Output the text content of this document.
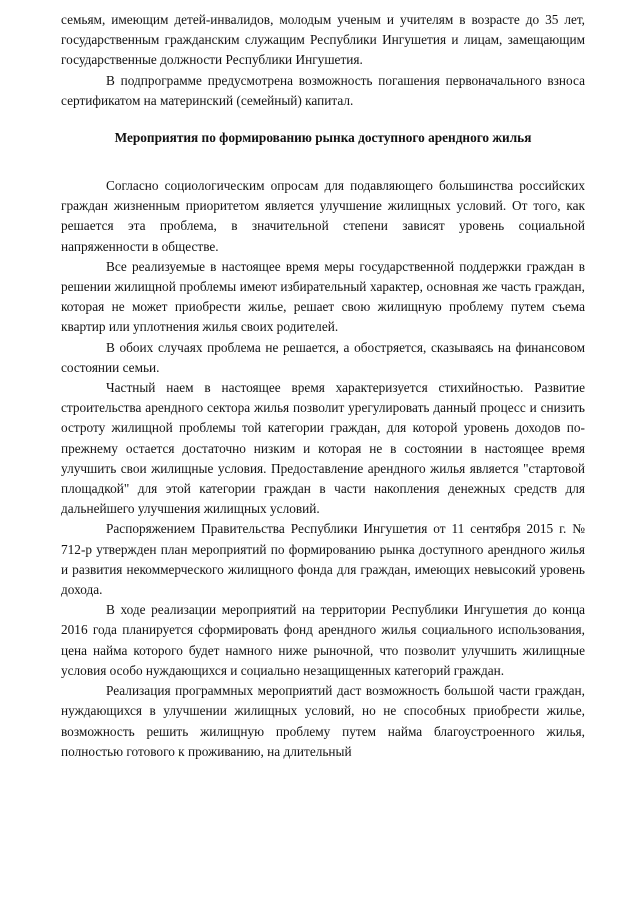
семьям, имеющим детей-инвалидов, молодым ученым и учителям в возрасте до 35 лет, государственным гражданским служащим Республики Ингушетия и лицам, замещающим государственные должности Республики Ингушетия.

В подпрограмме предусмотрена возможность погашения первоначального взноса сертификатом на материнский (семейный) капитал.

Мероприятия по формированию рынка доступного арендного жилья

Согласно социологическим опросам для подавляющего большинства российских граждан жизненным приоритетом является улучшение жилищных условий. От того, как решается эта проблема, в значительной степени зависят уровень социальной напряженности в обществе.

Все реализуемые в настоящее время меры государственной поддержки граждан в решении жилищной проблемы имеют избирательный характер, основная же часть граждан, которая не может приобрести жилье, решает свою жилищную проблему путем съема квартир или уплотнения жилья своих родителей.

В обоих случаях проблема не решается, а обостряется, сказываясь на финансовом состоянии семьи.

Частный наем в настоящее время характеризуется стихийностью. Развитие строительства арендного сектора жилья позволит урегулировать данный процесс и снизить остроту жилищной проблемы той категории граждан, для которой уровень доходов по-прежнему остается достаточно низким и которая не в состоянии в настоящее время улучшить свои жилищные условия. Предоставление арендного жилья является "стартовой площадкой" для этой категории граждан в части накопления денежных средств для дальнейшего улучшения жилищных условий.

Распоряжением Правительства Республики Ингушетия от 11 сентября 2015 г. № 712-р утвержден план мероприятий по формированию рынка доступного арендного жилья и развития некоммерческого жилищного фонда для граждан, имеющих невысокий уровень дохода.

В ходе реализации мероприятий на территории Республики Ингушетия до конца 2016 года планируется сформировать фонд арендного жилья социального использования, цена найма которого будет намного ниже рыночной, что позволит улучшить жилищные условия особо нуждающихся и социально незащищенных категорий граждан.

Реализация программных мероприятий даст возможность большой части граждан, нуждающихся в улучшении жилищных условий, но не способных приобрести жилье, возможность решить жилищную проблему путем найма благоустроенного жилья, полностью готового к проживанию, на длительный
